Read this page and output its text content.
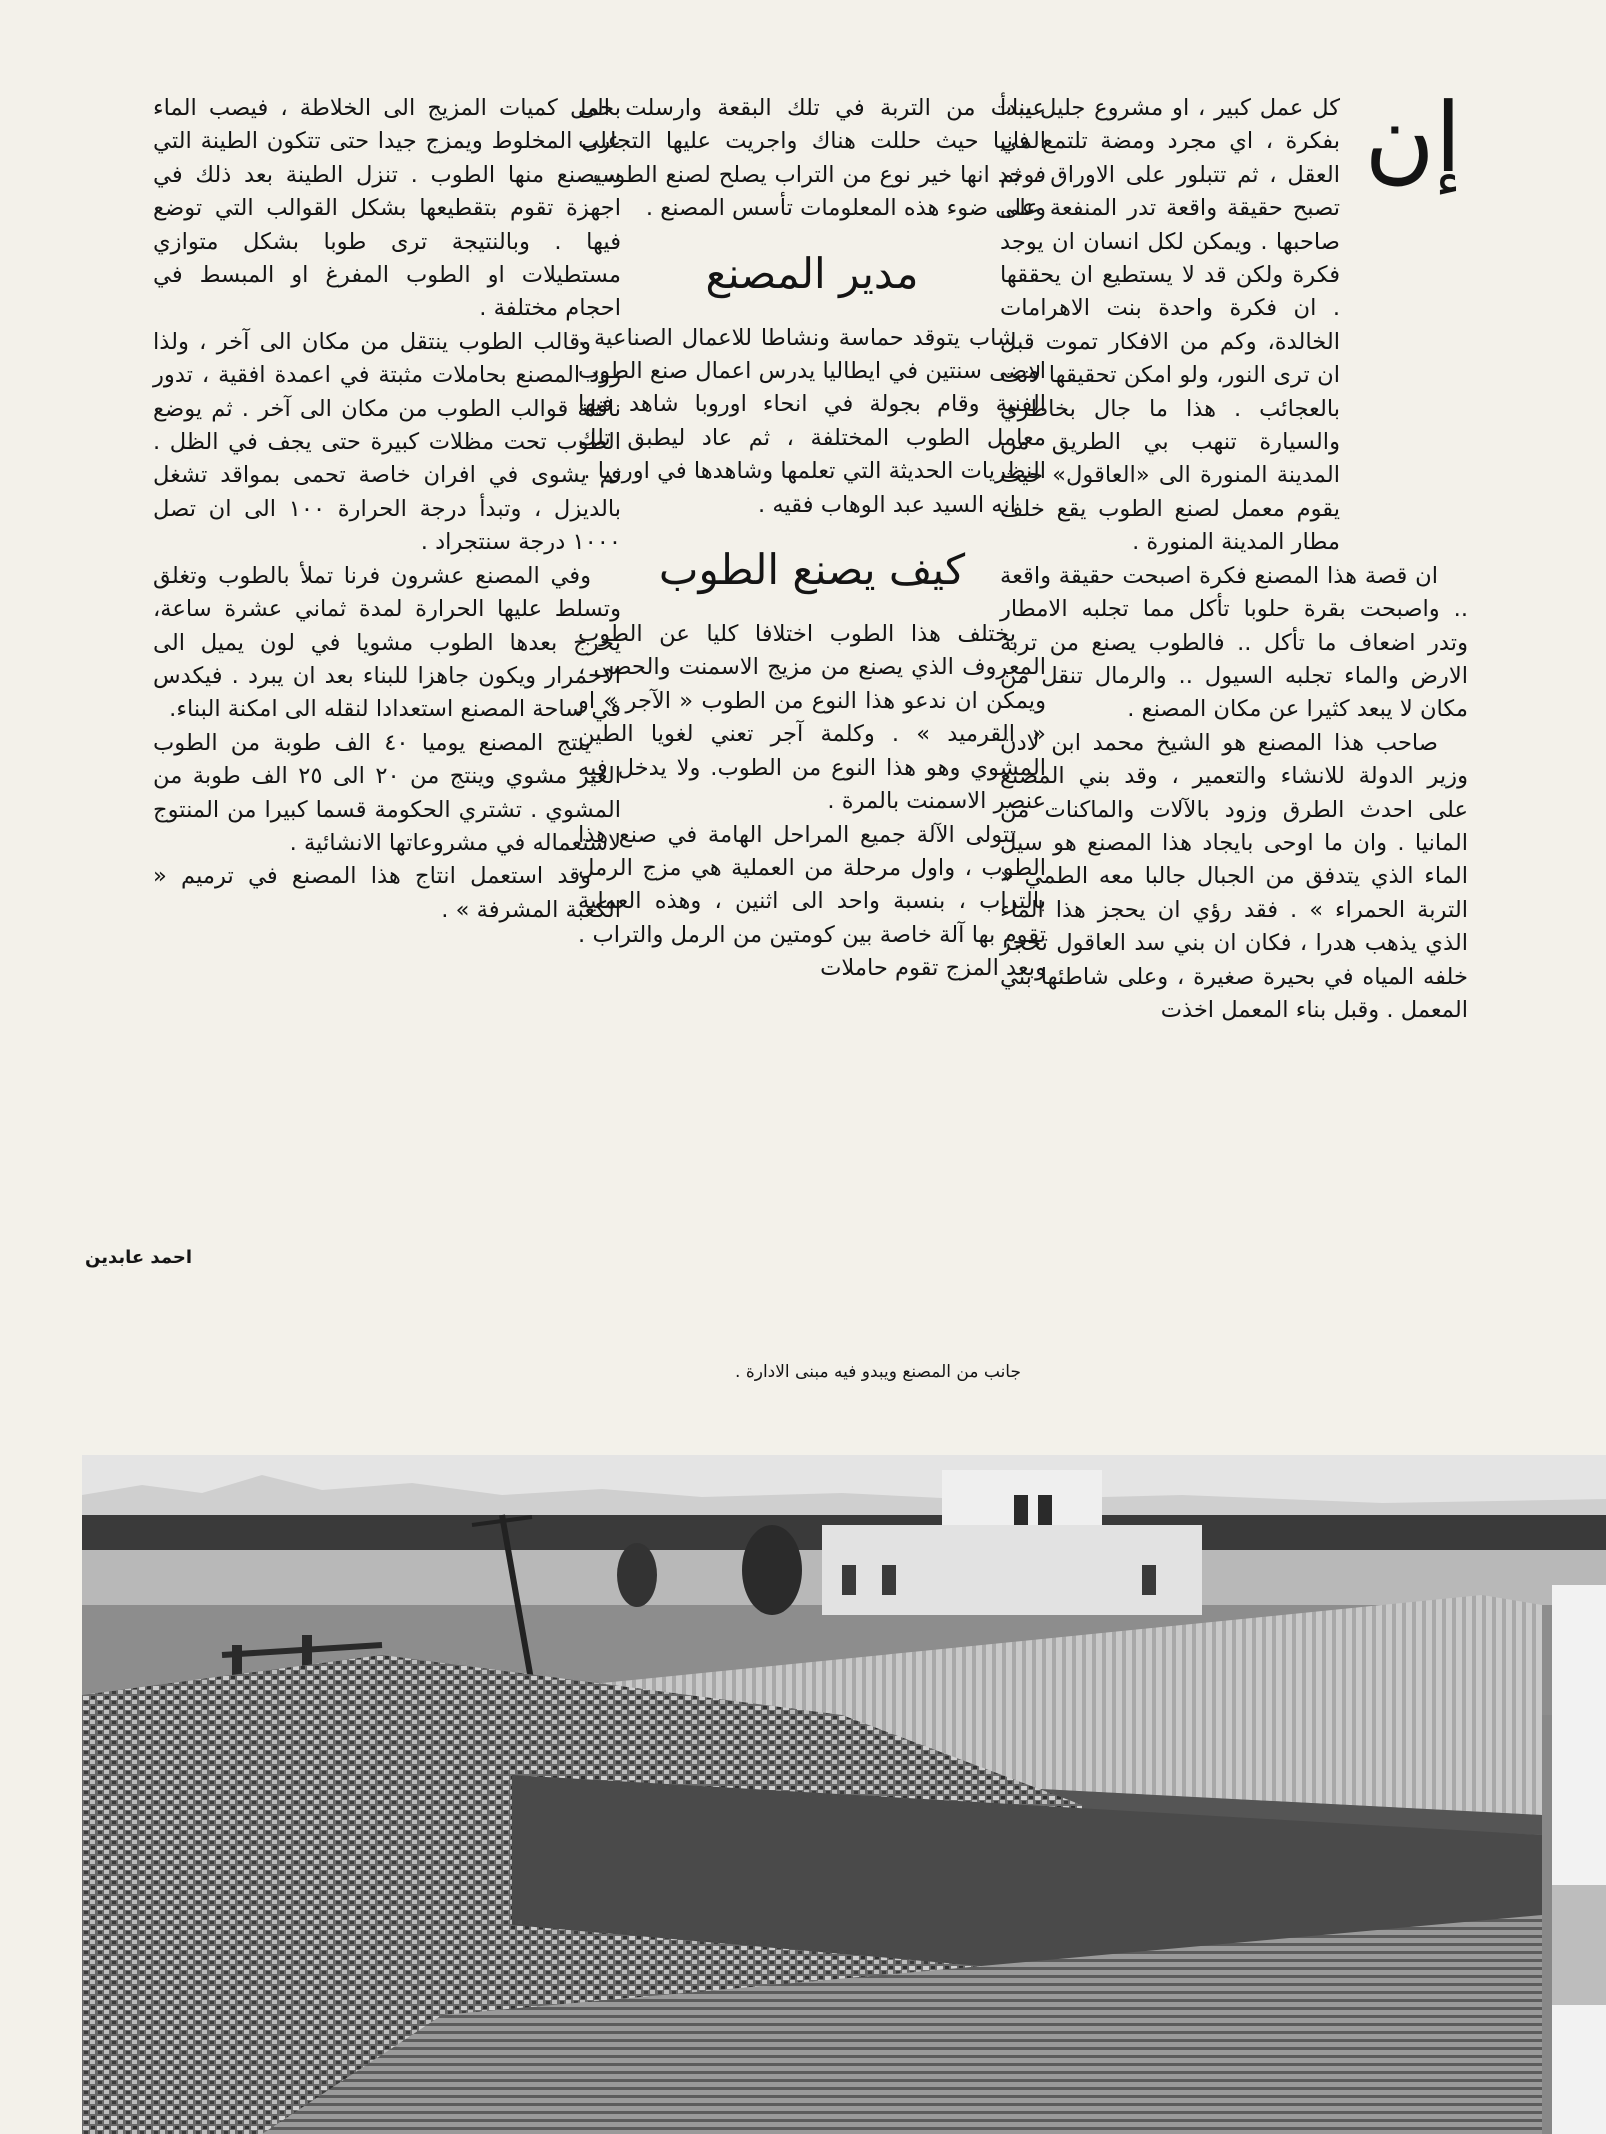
إن

كل عمل كبير ، او مشروع جليل يبدأ بفكرة ، اي مجرد ومضة تلتمع في العقل ، ثم تتبلور على الاوراق ، ثم تصبح حقيقة واقعة تدر المنفعة على صاحبها . ويمكن لكل انسان ان يوجد فكرة ولكن قد لا يستطيع ان يحققها . ان فكرة واحدة بنت الاهرامات الخالدة، وكم من الافكار تموت قبل ان ترى النور، ولو امكن تحقيقها لاتت بالعجائب . هذا ما جال بخاطري والسيارة تنهب بي الطريق من المدينة المنورة الى «العاقول» حيث يقوم معمل لصنع الطوب يقع خلف مطار المدينة المنورة .

ان قصة هذا المصنع فكرة اصبحت حقيقة واقعة .. واصبحت بقرة حلوبا تأكل مما تجلبه الامطار وتدر اضعاف ما تأكل .. فالطوب يصنع من تربة الارض والماء تجلبه السيول .. والرمال تنقل من مكان لا يبعد كثيرا عن مكان المصنع .

صاحب هذا المصنع هو الشيخ محمد ابن لادن وزير الدولة للانشاء والتعمير ، وقد بني المصنع على احدث الطرق وزود بالآلات والماكنات من المانيا . وان ما اوحى بايجاد هذا المصنع هو سيل الماء الذي يتدفق من الجبال جالبا معه الطمي « التربة الحمراء » . فقد رؤي ان يحجز هذا الماء الذي يذهب هدرا ، فكان ان بني سد العاقول تحجز خلفه المياه في بحيرة صغيرة ، وعلى شاطئها بني المعمل . وقبل بناء المعمل اخذت

عينات من التربة في تلك البقعة وارسلت الى المانيا حيث حللت هناك واجريت عليها التجارب فوجد انها خير نوع من التراب يصلح لصنع الطوب . وعلى ضوء هذه المعلومات تأسس المصنع .

مدير المصنع

شاب يتوقد حماسة ونشاطا للاعمال الصناعية . امضى سنتين في ايطاليا يدرس اعمال صنع الطوب الفنية وقام بجولة في انحاء اوروبا شاهد فيها معامل الطوب المختلفة ، ثم عاد ليطبق تلك النظريات الحديثة التي تعلمها وشاهدها في اوروبا .

انه السيد عبد الوهاب فقيه .

كيف يصنع الطوب

يختلف هذا الطوب اختلافا كليا عن الطوب المعروف الذي يصنع من مزيج الاسمنت والحصى ، ويمكن ان ندعو هذا النوع من الطوب « الآجر » او « القرميد » . وكلمة آجر تعني لغويا الطين المشوي وهو هذا النوع من الطوب. ولا يدخل فيه عنصر الاسمنت بالمرة .

تتولى الآلة جميع المراحل الهامة في صنع هذا الطوب ، واول مرحلة من العملية هي مزج الرمل بالتراب ، بنسبة واحد الى اثنين ، وهذه العملية تقوم بها آلة خاصة بين كومتين من الرمل والتراب . وبعد المزج تقوم حاملات

بحمل كميات المزيج الى الخلاطة ، فيصب الماء على المخلوط ويمزج جيدا حتى تتكون الطينة التي سيصنع منها الطوب . تنزل الطينة بعد ذلك في اجهزة تقوم بتقطيعها بشكل القوالب التي توضع فيها . وبالنتيجة ترى طوبا بشكل متوازي مستطيلات او الطوب المفرغ او المبسط في احجام مختلفة .

وقالب الطوب ينتقل من مكان الى آخر ، ولذا زود المصنع بحاملات مثبتة في اعمدة افقية ، تدور ناقلة قوالب الطوب من مكان الى آخر . ثم يوضع الطوب تحت مظلات كبيرة حتى يجف في الظل . ثم يشوى في افران خاصة تحمى بمواقد تشغل بالديزل ، وتبدأ درجة الحرارة ١٠٠ الى ان تصل ١٠٠٠ درجة سنتجراد .

وفي المصنع عشرون فرنا تملأ بالطوب وتغلق وتسلط عليها الحرارة لمدة ثماني عشرة ساعة، يخرج بعدها الطوب مشويا في لون يميل الى الاحمرار ويكون جاهزا للبناء بعد ان يبرد . فيكدس في ساحة المصنع استعدادا لنقله الى امكنة البناء.

ينتج المصنع يوميا ٤٠ الف طوبة من الطوب الغير مشوي وينتج من ٢٠ الى ٢٥ الف طوبة من المشوي . تشتري الحكومة قسما كبيرا من المنتوج لاستعماله في مشروعاتها الانشائية .

وقد استعمل انتاج هذا المصنع في ترميم « الكعبة المشرفة » .

احمد عابدين
جانب من المصنع ويبدو فيه مبنى الادارة .
